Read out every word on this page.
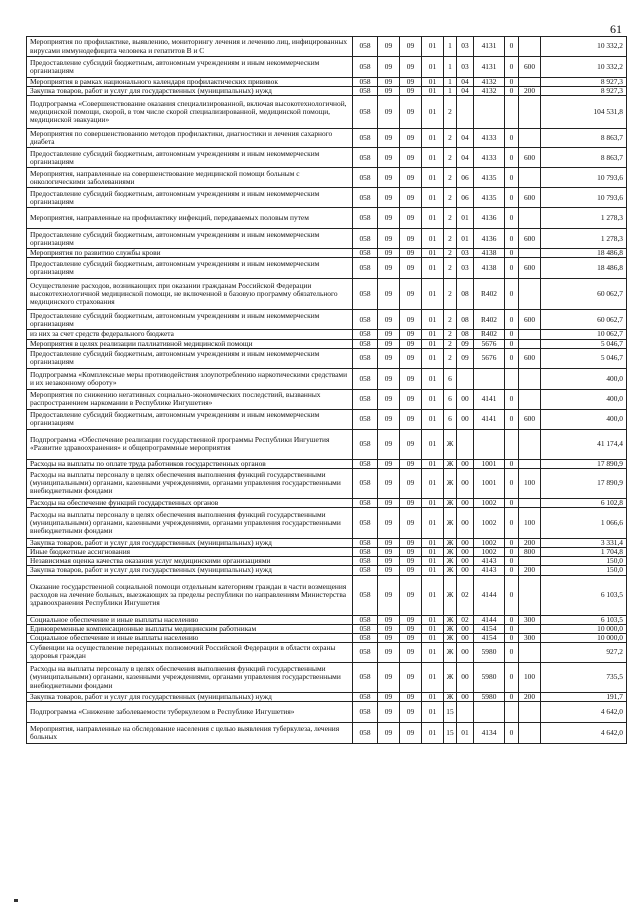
61
Мероприятия по профилактике, выявлению, мониторингу лечения и лечению лиц, инфицированных вирусами иммунодефицита человека и гепатитов B и C	058	09	09	01	1	03	4131	0		10 332,2
Предоставление субсидий бюджетным, автономным учреждениям и иным некоммерческим организациям	058	09	09	01	1	03	4131	0	600	10 332,2
Мероприятия в рамках национального календаря профилактических прививок	058	09	09	01	1	04	4132	0		8 927,3
Закупка товаров, работ и услуг для государственных (муниципальных) нужд	058	09	09	01	1	04	4132	0	200	8 927,3
Подпрограмма «Совершенствование оказания специализированной, включая высокотехнологичной, медицинской помощи, скорой, в том числе скорой специализированной, медицинской помощи, медицинской эвакуации»	058	09	09	01	2					104 531,8
Мероприятия по совершенствованию методов профилактики, диагностики и лечения сахарного диабета	058	09	09	01	2	04	4133	0		8 863,7
Предоставление субсидий бюджетным, автономным учреждениям и иным некоммерческим организациям	058	09	09	01	2	04	4133	0	600	8 863,7
Мероприятия, направленные на совершенствование медицинской помощи больным с онкологическими заболеваниями	058	09	09	01	2	06	4135	0		10 793,6
Предоставление субсидий бюджетным, автономным учреждениям и иным некоммерческим организациям	058	09	09	01	2	06	4135	0	600	10 793,6
Мероприятия, направленные на профилактику инфекций, передаваемых половым путем	058	09	09	01	2	01	4136	0		1 278,3
Предоставление субсидий бюджетным, автономным учреждениям и иным некоммерческим организациям	058	09	09	01	2	01	4136	0	600	1 278,3
Мероприятия по развитию службы крови	058	09	09	01	2	03	4138	0		18 486,8
Предоставление субсидий бюджетным, автономным учреждениям и иным некоммерческим организациям	058	09	09	01	2	03	4138	0	600	18 486,8
Осуществление расходов, возникающих при оказании гражданам Российской Федерации высокотехнологичной медицинской помощи, не включенной в базовую программу обязательного медицинского страхования	058	09	09	01	2	08	R402	0		60 062,7
Предоставление субсидий бюджетным, автономным учреждениям и иным некоммерческим организациям	058	09	09	01	2	08	R402	0	600	60 062,7
из них за счет средств федерального бюджета	058	09	09	01	2	08	R402	0		10 062,7
Мероприятия в целях реализации паллиативной медицинской помощи	058	09	09	01	2	09	5676	0		5 046,7
Предоставление субсидий бюджетным, автономным учреждениям и иным некоммерческим организациям	058	09	09	01	2	09	5676	0	600	5 046,7
Подпрограмма «Комплексные меры противодействия злоупотреблению наркотическими средствами и их незаконному обороту»	058	09	09	01	6					400,0
Мероприятия по снижению негативных социально-экономических последствий, вызванных распространением наркомании в Республике Ингушетия»	058	09	09	01	6	00	4141	0		400,0
Предоставление субсидий бюджетным, автономным учреждениям и иным некоммерческим организациям	058	09	09	01	6	00	4141	0	600	400,0
Подпрограмма «Обеспечение реализации государственной программы Республики Ингушетия «Развитие здравоохранения» и общепрограммные мероприятия	058	09	09	01	Ж					41 174,4
Расходы на выплаты по оплате труда работников государственных органов	058	09	09	01	Ж	00	1001	0		17 890,9
Расходы на выплаты персоналу в целях обеспечения выполнения функций государственными (муниципальными) органами, казенными учреждениями, органами управления государственными внебюджетными фондами	058	09	09	01	Ж	00	1001	0	100	17 890,9
Расходы на обеспечение функций государственных органов	058	09	09	01	Ж	00	1002	0		6 102,8
Расходы на выплаты персоналу в целях обеспечения выполнения функций государственными (муниципальными) органами, казенными учреждениями, органами управления государственными внебюджетными фондами	058	09	09	01	Ж	00	1002	0	100	1 066,6
Закупка товаров, работ и услуг для государственных (муниципальных) нужд	058	09	09	01	Ж	00	1002	0	200	3 331,4
Иные бюджетные ассигнования	058	09	09	01	Ж	00	1002	0	800	1 704,8
Независимая оценка качества оказания услуг медицинскими организациями	058	09	09	01	Ж	00	4143	0		150,0
Закупка товаров, работ и услуг для государственных (муниципальных) нужд	058	09	09	01	Ж	00	4143	0	200	150,0
Оказание государственной социальной помощи отдельным категориям граждан в части возмещения расходов на лечение больных, выезжающих за пределы республики по направлениям Министерства здравоохранения Республики Ингушетия	058	09	09	01	Ж	02	4144	0		6 103,5
Социальное обеспечение и иные выплаты населению	058	09	09	01	Ж	02	4144	0	300	6 103,5
Единовременные компенсационные выплаты медицинским работникам	058	09	09	01	Ж	00	4154	0		10 000,0
Социальное обеспечение и иные выплаты населению	058	09	09	01	Ж	00	4154	0	300	10 000,0
Субвенции на осуществление переданных полномочий Российской Федерации в области охраны здоровья граждан	058	09	09	01	Ж	00	5980	0		927,2
Расходы на выплаты персоналу в целях обеспечения выполнения функций государственными (муниципальными) органами, казенными учреждениями, органами управления государственными внебюджетными фондами	058	09	09	01	Ж	00	5980	0	100	735,5
Закупка товаров, работ и услуг для государственных (муниципальных) нужд	058	09	09	01	Ж	00	5980	0	200	191,7
Подпрограмма «Снижение заболеваемости туберкулезом в Республике Ингушетия»	058	09	09	01	15					4 642,0
Мероприятия, направленные на обследование населения с целью выявления туберкулеза, лечения больных	058	09	09	01	15	01	4134	0		4 642,0
